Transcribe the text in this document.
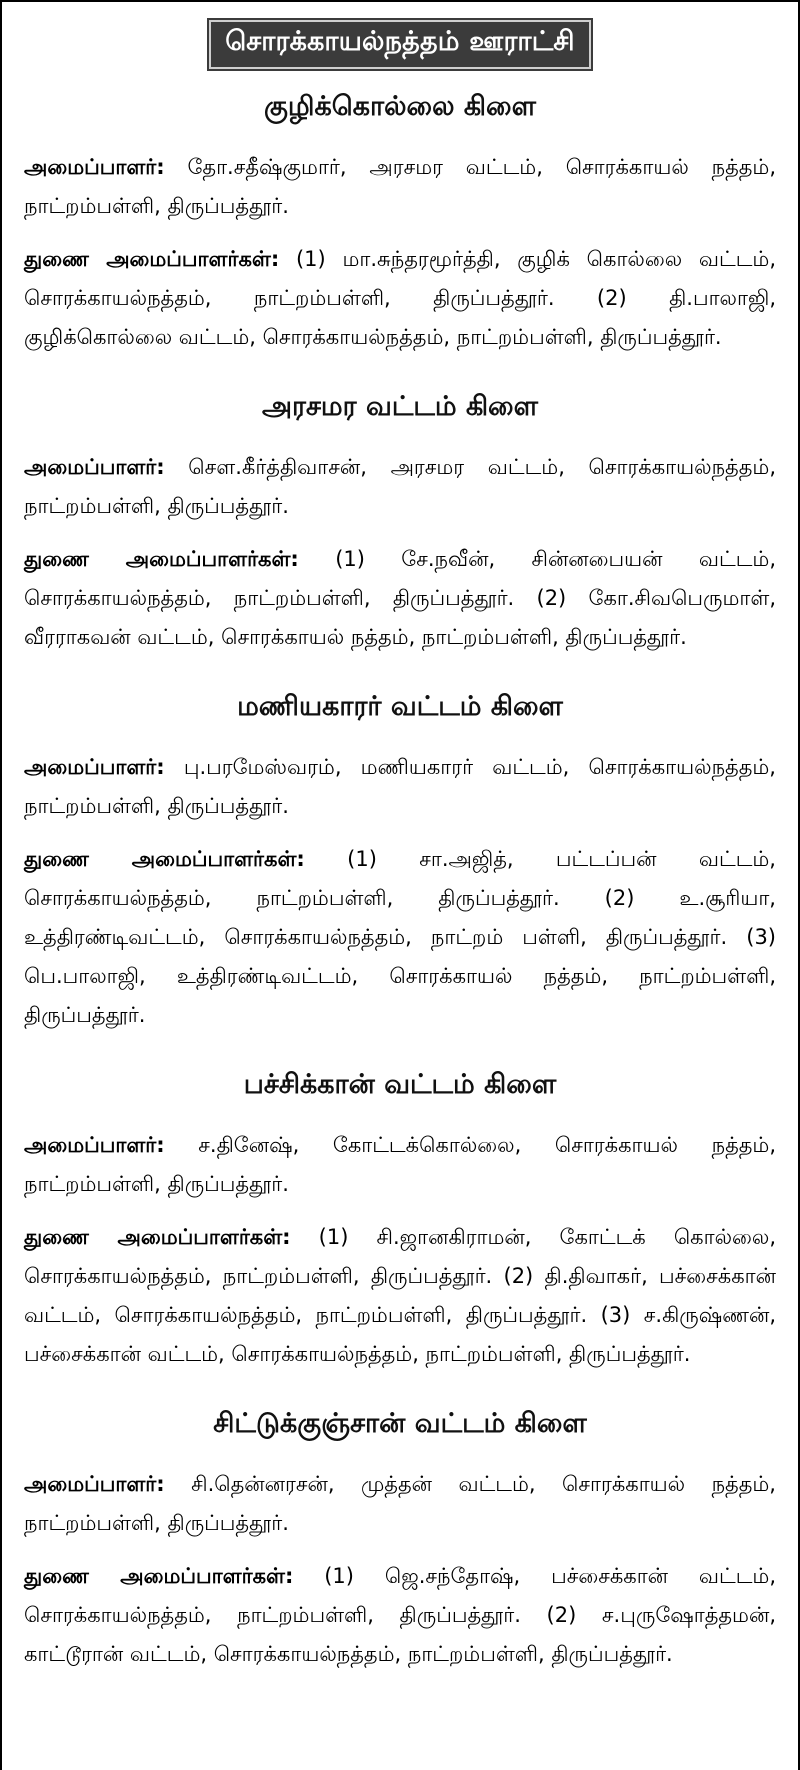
சொரக்காயல்நத்தம் ஊராட்சி
குழிக்கொல்லை கிளை

அமைப்பாளர்: தோ.சதீஷ்குமார், அரசமர வட்டம், சொரக்காயல் நத்தம், நாட்றம்பள்ளி, திருப்பத்தூர்.

துணை அமைப்பாளர்கள்: (1) மா.சுந்தரமூர்த்தி, குழிக் கொல்லை வட்டம், சொரக்காயல்நத்தம், நாட்றம்பள்ளி, திருப்பத்தூர். (2) தி.பாலாஜி, குழிக்கொல்லை வட்டம், சொரக்காயல்நத்தம், நாட்றம்பள்ளி, திருப்பத்தூர்.

அரசமர வட்டம் கிளை

அமைப்பாளர்: சௌ.கீர்த்திவாசன், அரசமர வட்டம், சொரக்காயல்நத்தம், நாட்றம்பள்ளி, திருப்பத்தூர்.

துணை அமைப்பாளர்கள்: (1) சே.நவீன், சின்னபையன் வட்டம், சொரக்காயல்நத்தம், நாட்றம்பள்ளி, திருப்பத்தூர். (2) கோ.சிவபெருமாள், வீரராகவன் வட்டம், சொரக்காயல் நத்தம், நாட்றம்பள்ளி, திருப்பத்தூர்.

மணியகாரர் வட்டம் கிளை

அமைப்பாளர்: பு.பரமேஸ்வரம், மணியகாரர் வட்டம், சொரக்காயல்நத்தம், நாட்றம்பள்ளி, திருப்பத்தூர்.

துணை அமைப்பாளர்கள்: (1) சா.அஜித், பட்டப்பன் வட்டம், சொரக்காயல்நத்தம், நாட்றம்பள்ளி, திருப்பத்தூர். (2) உ.சூரியா, உத்திரண்டிவட்டம், சொரக்காயல்நத்தம், நாட்றம் பள்ளி, திருப்பத்தூர். (3) பெ.பாலாஜி, உத்திரண்டிவட்டம், சொரக்காயல் நத்தம், நாட்றம்பள்ளி, திருப்பத்தூர்.

பச்சிக்கான் வட்டம் கிளை

அமைப்பாளர்: ச.தினேஷ், கோட்டக்கொல்லை, சொரக்காயல் நத்தம், நாட்றம்பள்ளி, திருப்பத்தூர்.

துணை அமைப்பாளர்கள்: (1) சி.ஜானகிராமன், கோட்டக் கொல்லை, சொரக்காயல்நத்தம், நாட்றம்பள்ளி, திருப்பத்தூர். (2) தி.திவாகர், பச்சைக்கான் வட்டம், சொரக்காயல்நத்தம், நாட்றம்பள்ளி, திருப்பத்தூர். (3) ச.கிருஷ்ணன், பச்சைக்கான் வட்டம், சொரக்காயல்நத்தம், நாட்றம்பள்ளி, திருப்பத்தூர்.

சிட்டுக்குஞ்சான் வட்டம் கிளை

அமைப்பாளர்: சி.தென்னரசன், முத்தன் வட்டம், சொரக்காயல் நத்தம், நாட்றம்பள்ளி, திருப்பத்தூர்.

துணை அமைப்பாளர்கள்: (1) ஜெ.சந்தோஷ், பச்சைக்கான் வட்டம், சொரக்காயல்நத்தம், நாட்றம்பள்ளி, திருப்பத்தூர். (2) ச.புருஷோத்தமன், காட்டூரான் வட்டம், சொரக்காயல்நத்தம், நாட்றம்பள்ளி, திருப்பத்தூர்.
